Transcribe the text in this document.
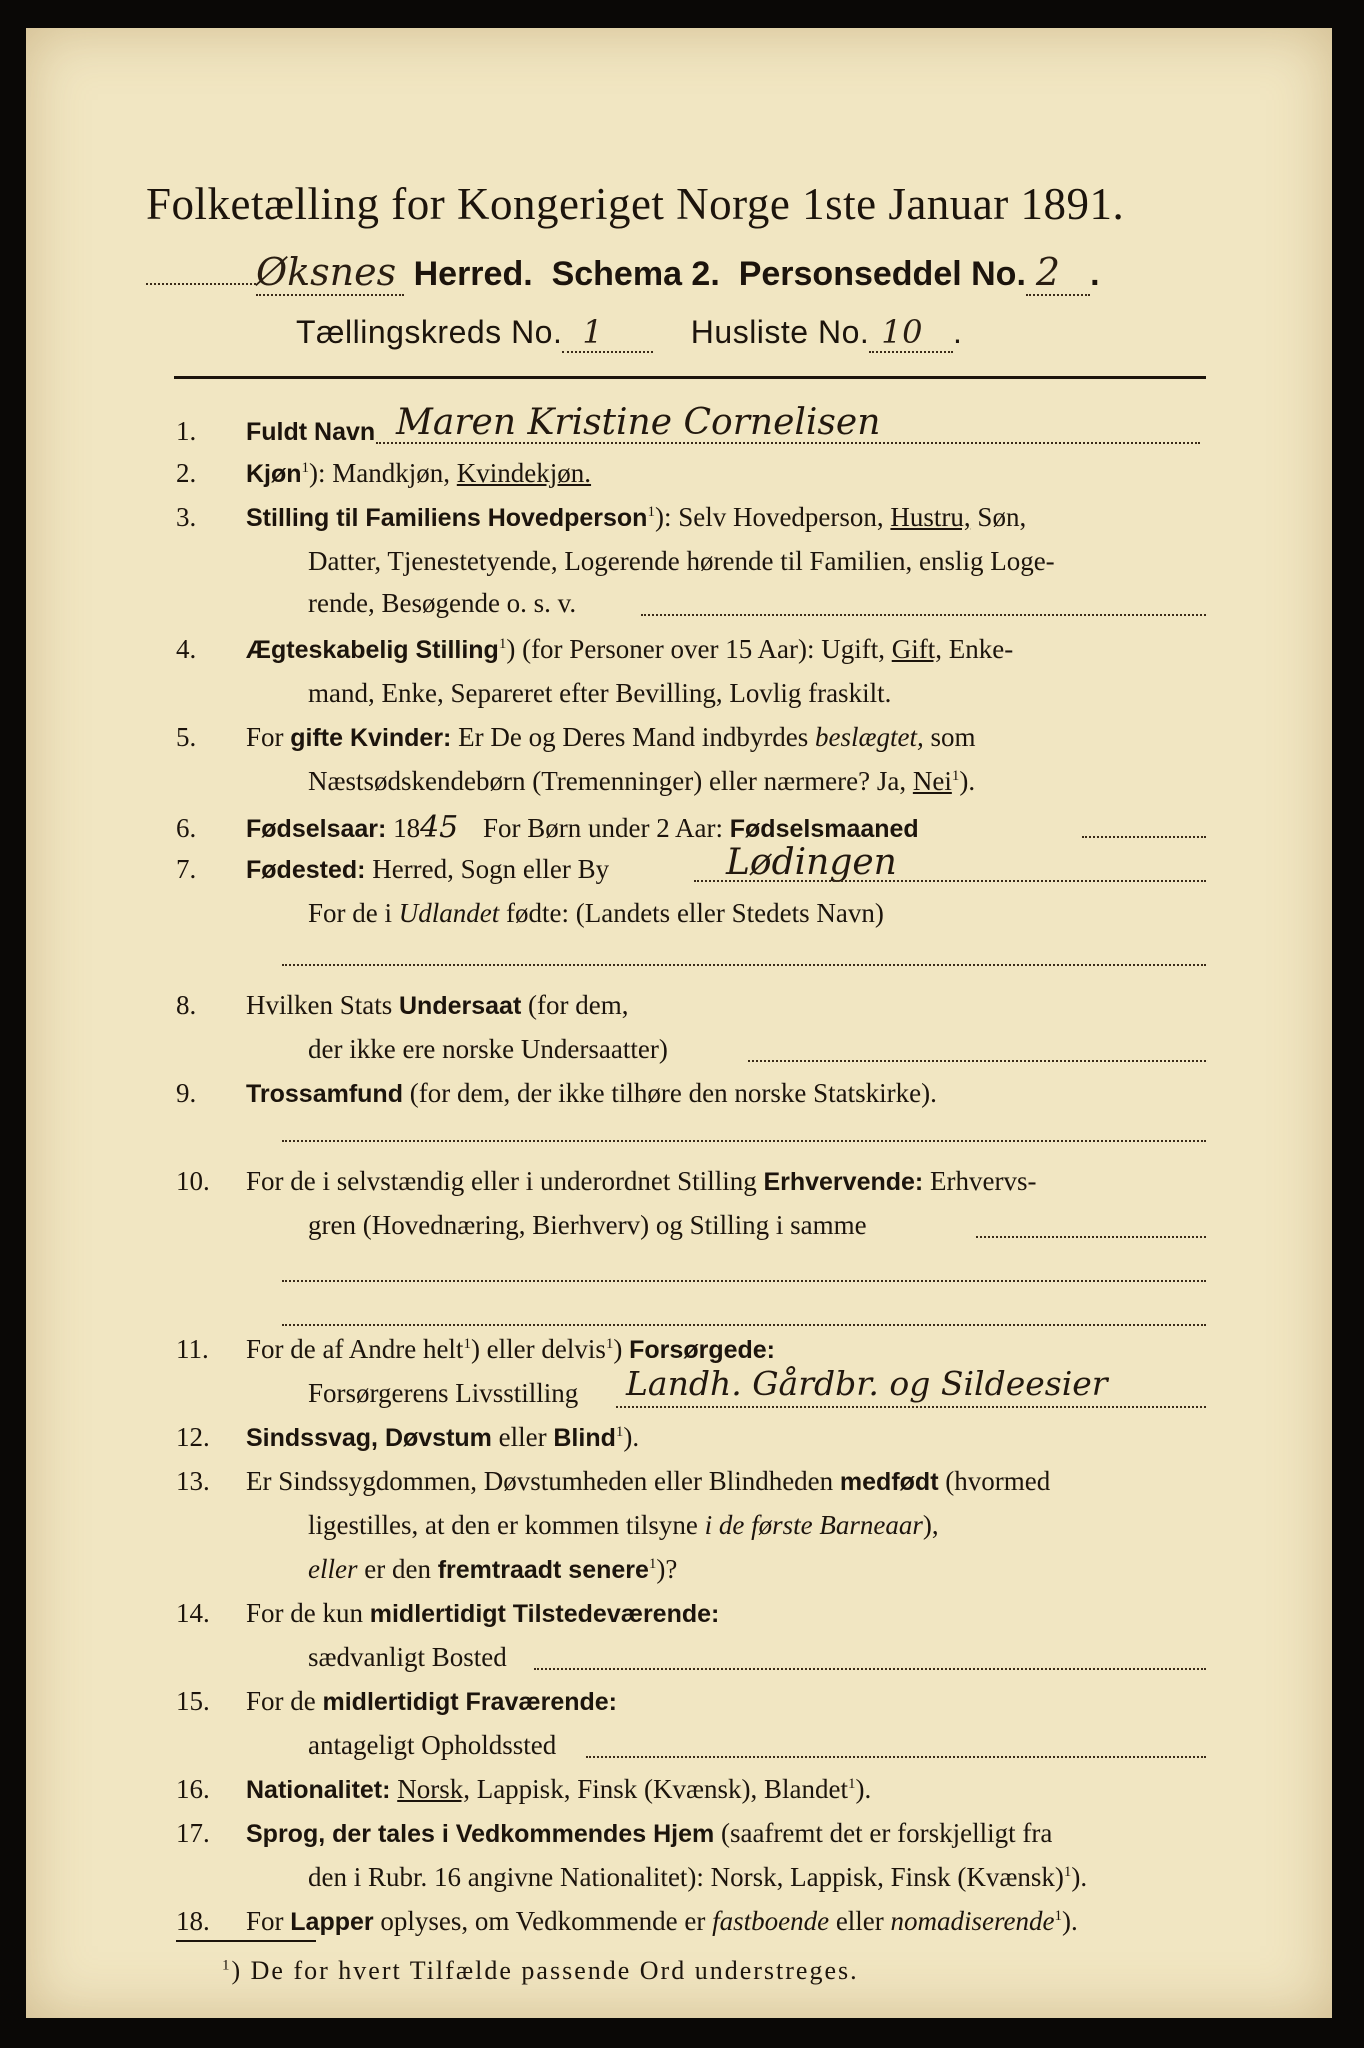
Folketælling for Kongeriget Norge 1ste Januar 1891.
Øksnes Herred. Schema 2. Personseddel No. 2 .
Tællingskreds No. 1	Husliste No. 10 .
1. Fuldt Navn Maren Kristine Cornelisen
2. Kjøn$^1$): Mandkjøn, Kvindekjøn.
3. Stilling til Familiens Hovedperson$^1$): Selv Hovedperson, Hustru, Søn,
Datter, Tjenestetyende, Logerende hørende til Familien, enslig Loge-
rende, Besøgende o. s. v.
4. Ægteskabelig Stilling$^1$) (for Personer over 15 Aar): Ugift, Gift, Enke-
mand, Enke, Separeret efter Bevilling, Lovlig fraskilt.
5. For gifte Kvinder: Er De og Deres Mand indbyrdes beslægtet, som
Næstsødskendebørn (Tremenninger) eller nærmere? Ja, Nei$^1$).
6. Fødselsaar: 1845 For Børn under 2 Aar: Fødselsmaaned
7. Fødested: Herred, Sogn eller By	Lødingen
For de i Udlandet fødte: (Landets eller Stedets Navn)
8. Hvilken Stats Undersaat (for dem,
der ikke ere norske Undersaatter)
9. Trossamfund (for dem, der ikke tilhøre den norske Statskirke).
10. For de i selvstændig eller i underordnet Stilling Erhvervende: Erhvervs-
gren (Hovednæring, Bierhverv) og Stilling i samme
11. For de af Andre helt$^1$) eller delvis$^1$) Forsørgede:
Forsørgerens Livsstilling Landh. Gårdbr. og Sildeesier
12. Sindssvag, Døvstum eller Blind$^1$).
13. Er Sindssygdommen, Døvstumheden eller Blindheden medfødt (hvormed
ligestilles, at den er kommen tilsyne i de første Barneaar),
eller er den fremtraadt senere$^1$)?
14. For de kun midlertidigt Tilstedeværende:
sædvanligt Bosted
15. For de midlertidigt Fraværende:
antageligt Opholdssted
16. Nationalitet: Norsk, Lappisk, Finsk (Kvænsk), Blandet$^1$).
17. Sprog, der tales i Vedkommendes Hjem (saafremt det er forskjelligt fra
den i Rubr. 16 angivne Nationalitet): Norsk, Lappisk, Finsk (Kvænsk)$^1$).
18. For Lapper oplyses, om Vedkommende er fastboende eller nomadiserende$^1$).
$^1$) De for hvert Tilfælde passende Ord understreges.
